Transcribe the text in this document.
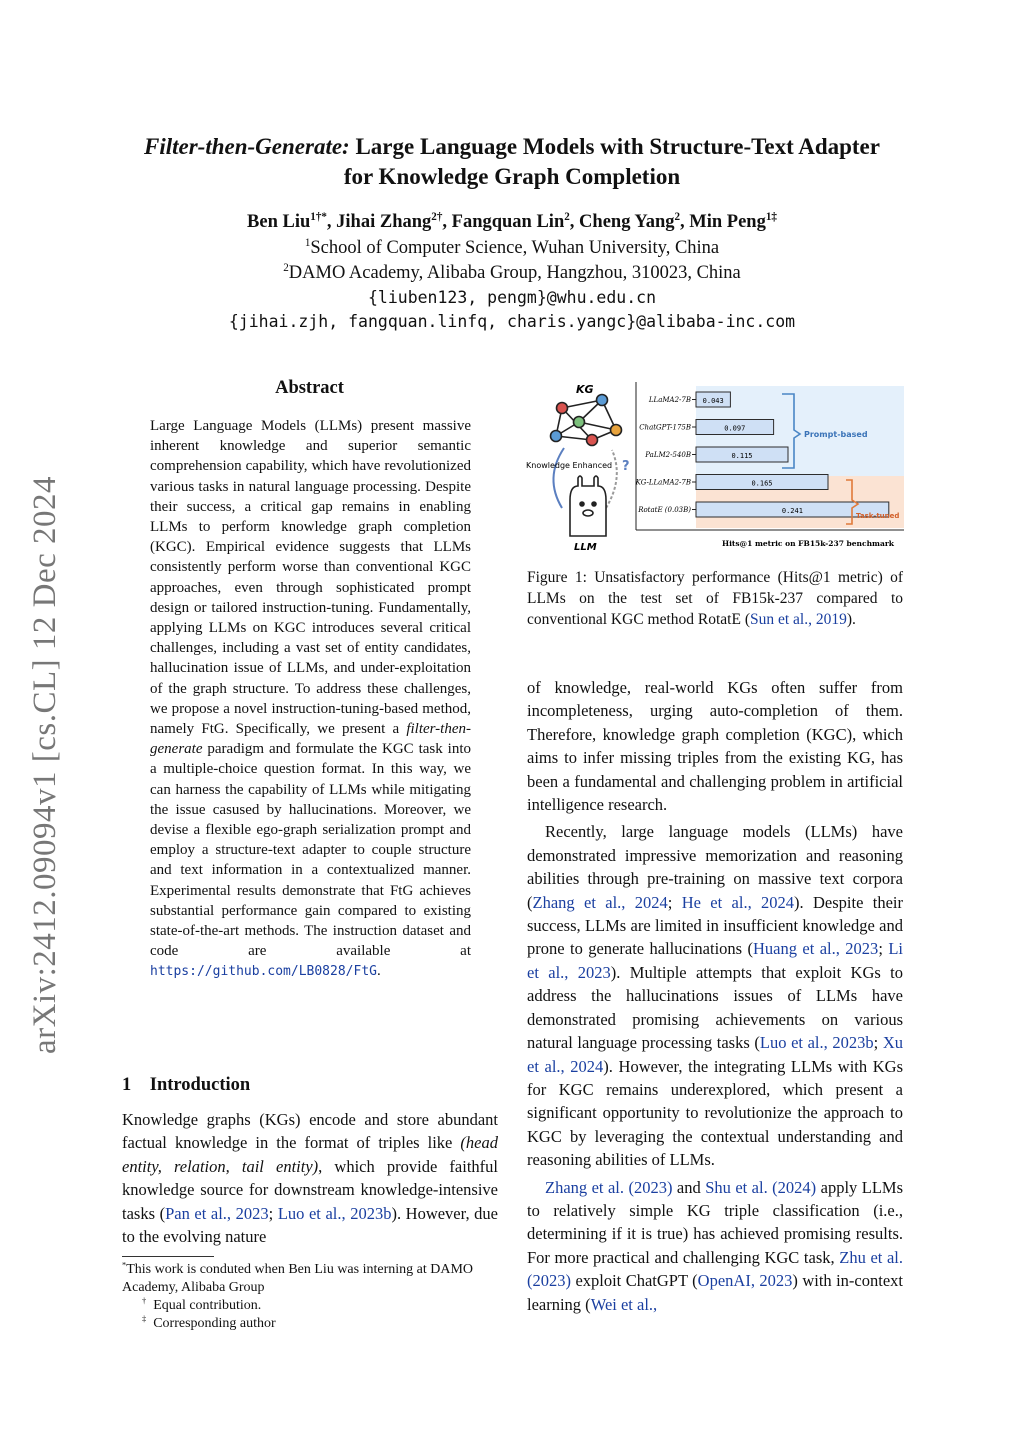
arXiv:2412.09094v1 [cs.CL] 12 Dec 2024
Filter-then-Generate: Large Language Models with Structure-Text Adapter
for Knowledge Graph Completion
Ben Liu$^{1\dagger*}$, Jihai Zhang$^{2\dagger}$, Fangquan Lin$^2$, Cheng Yang$^2$, Min Peng$^{1\ddagger}$
$^1$School of Computer Science, Wuhan University, China
$^2$DAMO Academy, Alibaba Group, Hangzhou, 310023, China
{liuben123, pengm}@whu.edu.cn
{jihai.zjh, fangquan.linfq, charis.yangc}@alibaba-inc.com
Abstract
Large Language Models (LLMs) present massive inherent knowledge and superior semantic comprehension capability, which have revolutionized various tasks in natural language processing. Despite their success, a critical gap remains in enabling LLMs to perform knowledge graph completion (KGC). Empirical evidence suggests that LLMs consistently perform worse than conventional KGC approaches, even through sophisticated prompt design or tailored instruction-tuning. Fundamentally, applying LLMs on KGC introduces several critical challenges, including a vast set of entity candidates, hallucination issue of LLMs, and under-exploitation of the graph structure. To address these challenges, we propose a novel instruction-tuning-based method, namely FtG. Specifically, we present a filter-then-generate paradigm and formulate the KGC task into a multiple-choice question format. In this way, we can harness the capability of LLMs while mitigating the issue casused by hallucinations. Moreover, we devise a flexible ego-graph serialization prompt and employ a structure-text adapter to couple structure and text information in a contextualized manner. Experimental results demonstrate that FtG achieves substantial performance gain compared to existing state-of-the-art methods. The instruction dataset and code are available at https://github.com/LB0828/FtG.
1 Introduction
Knowledge graphs (KGs) encode and store abundant factual knowledge in the format of triples like (head entity, relation, tail entity), which provide faithful knowledge source for downstream knowledge-intensive tasks (Pan et al., 2023; Luo et al., 2023b). However, due to the evolving nature
*This work is conduted when Ben Liu was interning at DAMO Academy, Alibaba Group
† Equal contribution.
‡ Corresponding author
KG
Knowledge Enhanced ?
LLM
0.043
LLaMA2-7B
0.097
ChatGPT-175B
0.115
PaLM2-540B
0.165
KG-LLaMA2-7B
0.241
RotatE (0.03B)
Prompt-based
Task-tuned
Hits@1 metric on FB15k-237 benchmark
Figure 1: Unsatisfactory performance (Hits@1 metric) of LLMs on the test set of FB15k-237 compared to conventional KGC method RotatE (Sun et al., 2019).

of knowledge, real-world KGs often suffer from incompleteness, urging auto-completion of them. Therefore, knowledge graph completion (KGC), which aims to infer missing triples from the existing KG, has been a fundamental and challenging problem in artificial intelligence research.

Recently, large language models (LLMs) have demonstrated impressive memorization and reasoning abilities through pre-training on massive text corpora (Zhang et al., 2024; He et al., 2024). Despite their success, LLMs are limited in insufficient knowledge and prone to generate hallucinations (Huang et al., 2023; Li et al., 2023). Multiple attempts that exploit KGs to address the hallucinations issues of LLMs have demonstrated promising achievements on various natural language processing tasks (Luo et al., 2023b; Xu et al., 2024). However, the integrating LLMs with KGs for KGC remains underexplored, which present a significant opportunity to revolutionize the approach to KGC by leveraging the contextual understanding and reasoning abilities of LLMs.

Zhang et al. (2023) and Shu et al. (2024) apply LLMs to relatively simple KG triple classification (i.e., determining if it is true) has achieved promising results. For more practical and challenging KGC task, Zhu et al. (2023) exploit ChatGPT (OpenAI, 2023) with in-context learning (Wei et al.,
